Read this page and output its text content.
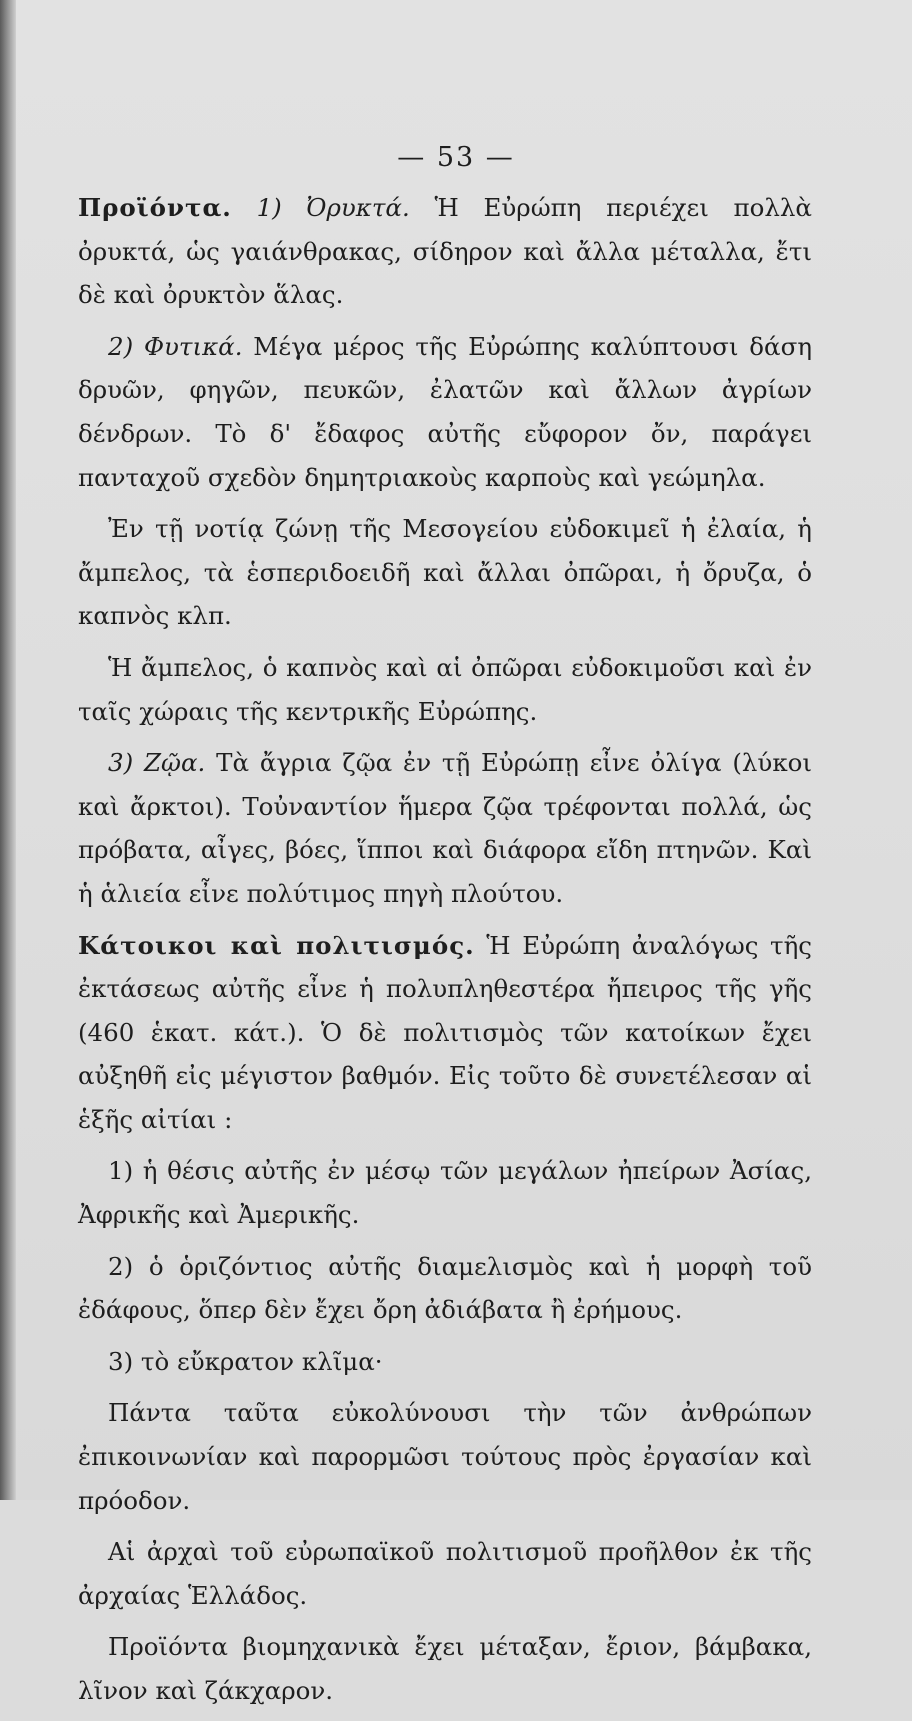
— 53 —

Προϊόντα. 1) Ὀρυκτά. Ἡ Εὐρώπη περιέχει πολλὰ ὀρυκτά, ὡς γαιάνθρακας, σίδηρον καὶ ἄλλα μέταλλα, ἔτι δὲ καὶ ὀρυκτὸν ἅλας.

2) Φυτικά. Μέγα μέρος τῆς Εὐρώπης καλύπτουσι δάση δρυῶν, φηγῶν, πευκῶν, ἐλατῶν καὶ ἄλλων ἀγρίων δένδρων. Τὸ δ' ἔδαφος αὐτῆς εὔφορον ὄν, παράγει πανταχοῦ σχεδὸν δημητριακοὺς καρποὺς καὶ γεώμηλα.

Ἐν τῇ νοτίᾳ ζώνῃ τῆς Μεσογείου εὐδοκιμεῖ ἡ ἐλαία, ἡ ἄμπελος, τὰ ἑσπεριδοειδῆ καὶ ἄλλαι ὀπῶραι, ἡ ὄρυζα, ὁ καπνὸς κλπ.

Ἡ ἄμπελος, ὁ καπνὸς καὶ αἱ ὀπῶραι εὐδοκιμοῦσι καὶ ἐν ταῖς χώραις τῆς κεντρικῆς Εὐρώπης.

3) Ζῷα. Τὰ ἄγρια ζῷα ἐν τῇ Εὐρώπῃ εἶνε ὀλίγα (λύκοι καὶ ἄρκτοι). Τοὐναντίον ἥμερα ζῷα τρέφονται πολλά, ὡς πρόβατα, αἶγες, βόες, ἵπποι καὶ διάφορα εἴδη πτηνῶν. Καὶ ἡ ἁλιεία εἶνε πολύτιμος πηγὴ πλούτου.

Κάτοικοι καὶ πολιτισμός. Ἡ Εὐρώπη ἀναλόγως τῆς ἐκτάσεως αὐτῆς εἶνε ἡ πολυπληθεστέρα ἤπειρος τῆς γῆς (460 ἑκατ. κάτ.). Ὁ δὲ πολιτισμὸς τῶν κατοίκων ἔχει αὐξηθῆ εἰς μέγιστον βαθμόν. Εἰς τοῦτο δὲ συνετέλεσαν αἱ ἑξῆς αἰτίαι :

1) ἡ θέσις αὐτῆς ἐν μέσῳ τῶν μεγάλων ἠπείρων Ἀσίας, Ἀφρικῆς καὶ Ἀμερικῆς.

2) ὁ ὁριζόντιος αὐτῆς διαμελισμὸς καὶ ἡ μορφὴ τοῦ ἐδάφους, ὅπερ δὲν ἔχει ὄρη ἀδιάβατα ἢ ἐρήμους.

3) τὸ εὔκρατον κλῖμα·

Πάντα ταῦτα εὐκολύνουσι τὴν τῶν ἀνθρώπων ἐπικοινωνίαν καὶ παρορμῶσι τούτους πρὸς ἐργασίαν καὶ πρόοδον.

Αἱ ἀρχαὶ τοῦ εὐρωπαϊκοῦ πολιτισμοῦ προῆλθον ἐκ τῆς ἀρχαίας Ἑλλάδος.

Προϊόντα βιομηχανικὰ ἔχει μέταξαν, ἔριον, βάμβακα, λῖνον καὶ ζάκχαρον.
